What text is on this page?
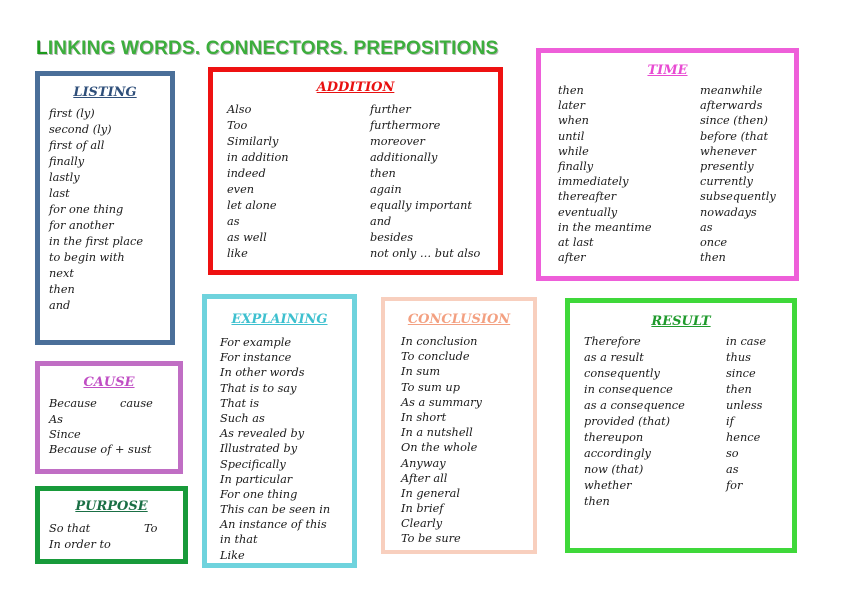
LINKING WORDS. CONNECTORS. PREPOSITIONS
LISTING
first (ly)
second (ly)
first of all
finally
lastly
last
for one thing
for another
in the first place
to begin with
next
then
and
ADDITION
Also
Too
Similarly
in addition
indeed
even
let alone
as
as well
like
further
furthermore
moreover
additionally
then
again
equally important
and
besides
not only … but also
TIME
then
later
when
until
while
finally
immediately
thereafter
eventually
in the meantime
at last
after
meanwhile
afterwards
since (then)
before (that
whenever
presently
currently
subsequently
nowadays
as
once
then
CAUSE
Because cause
As
Since
Because of + sust
PURPOSE
So that	To
In order to
EXPLAINING
For example
For instance
In other words
That is to say
That is
Such as
As revealed by
Illustrated by
Specifically
In particular
For one thing
This can be seen in
An instance of this
in that
Like
CONCLUSION
In conclusion
To conclude
In sum
To sum up
As a summary
In short
In a nutshell
On the whole
Anyway
After all
In general
In brief
Clearly
To be sure
RESULT
Therefore
as a result
consequently
in consequence
as a consequence
provided (that)
thereupon
accordingly
now (that)
whether
then
in case
thus
since
then
unless
if
hence
so
as
for
